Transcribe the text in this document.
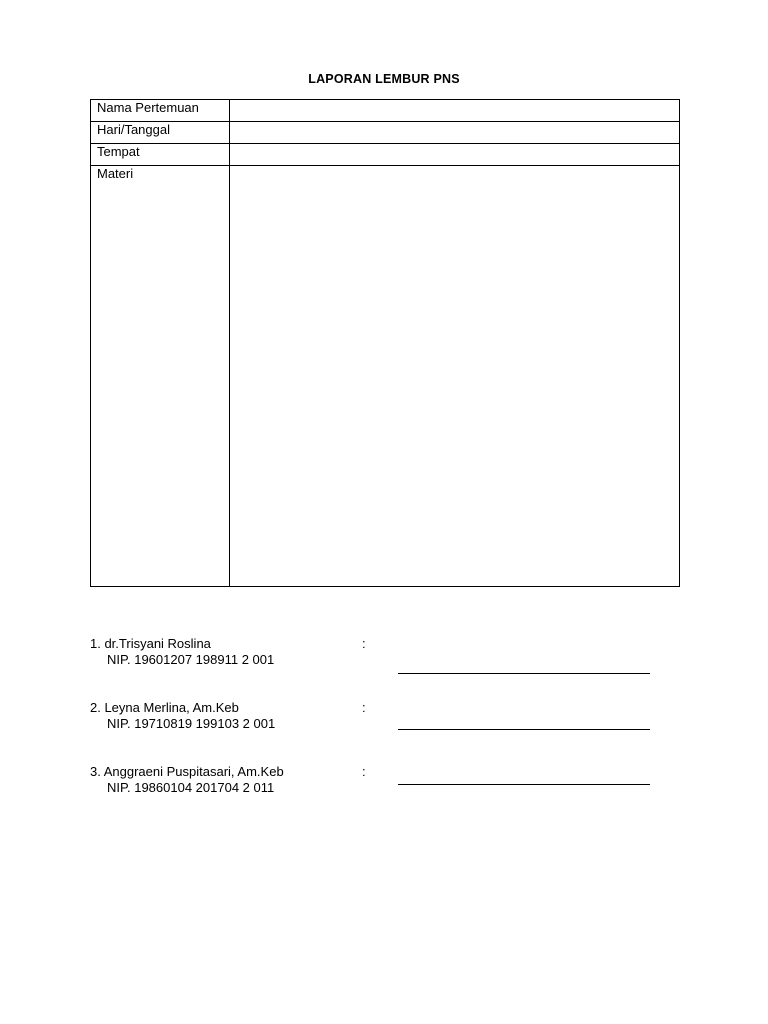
LAPORAN LEMBUR PNS
Nama Pertemuan	
Hari/Tanggal	
Tempat	
Materi	
1. dr.Trisyani Roslina
NIP. 19601207 198911 2 001
:
2. Leyna Merlina, Am.Keb
NIP. 19710819 199103 2 001
:
3. Anggraeni Puspitasari, Am.Keb
NIP. 19860104 201704 2 011
:
